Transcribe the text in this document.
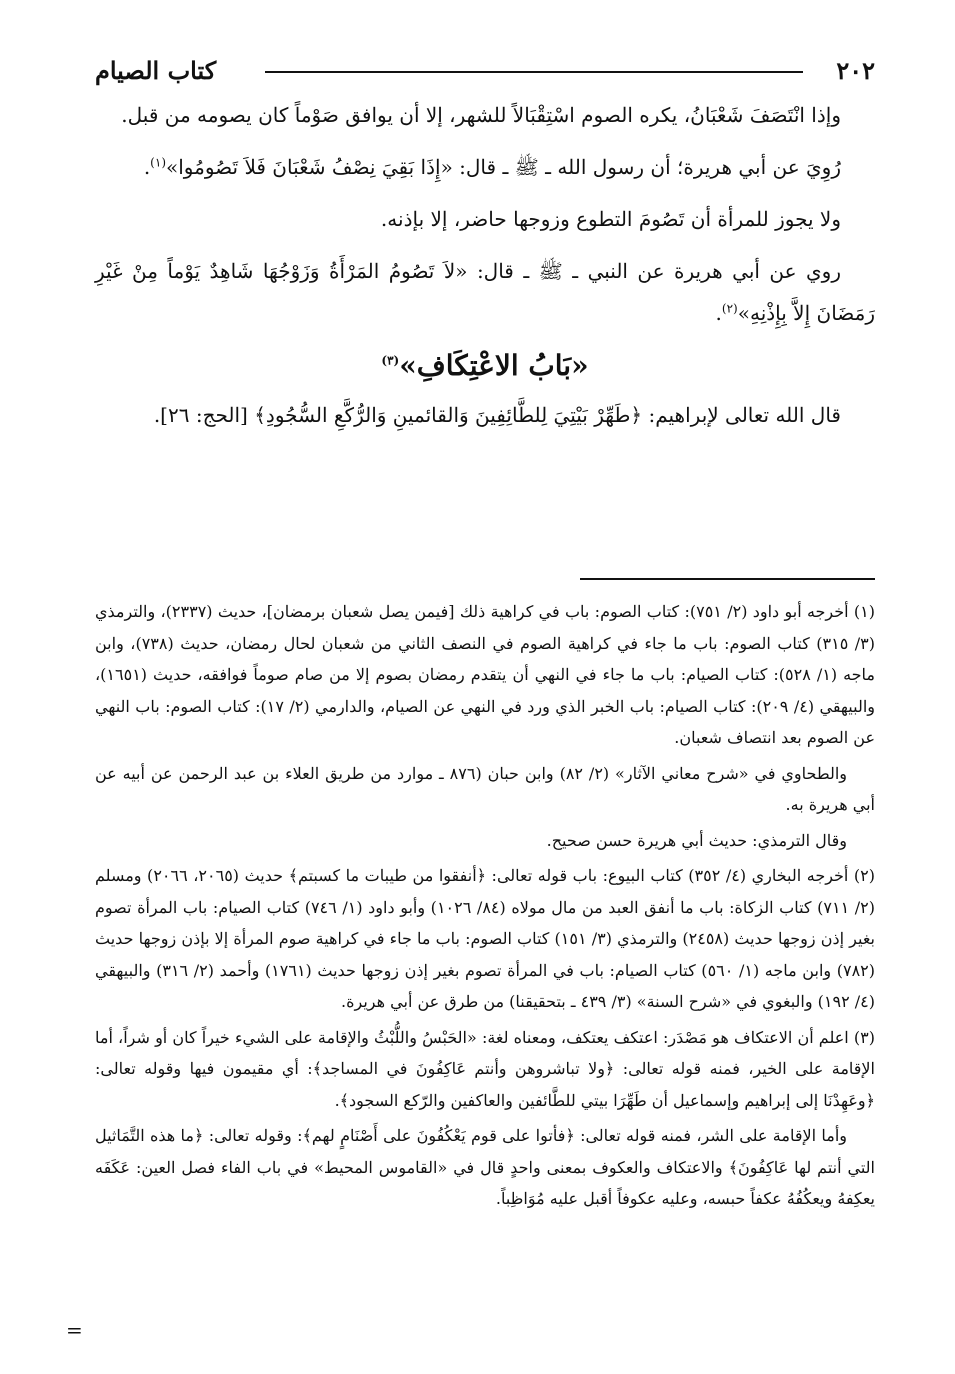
٢٠٢
كتاب الصيام

وإذا انْتَصَفَ شَعْبَانُ، يكره الصوم اسْتِقْبَالاً للشهر، إلا أن يوافق صَوْماً كان يصومه من قبل.

رُوِيَ عن أبي هريرة؛ أن رسول الله ـ ﷺ ـ قال: «إِذَا بَقِيَ نِصْفُ شَعْبَانَ فَلاَ تَصُومُوا»$^{(١)}$.

ولا يجوز للمرأة أن تَصُومَ التطوع وزوجها حاضر، إلا بإذنه.

روي عن أبي هريرة عن النبي ـ ﷺ ـ قال: «لاَ تَصُومُ المَرْأَةُ وَزَوْجُهَا شَاهِدٌ يَوْماً مِنْ غَيْرِ رَمَضَانَ إِلاَّ بِإِذْنِهِ»$^{(٢)}$.

«بَابُ الاعْتِكَافِ»$^{(٣)}$

قال الله تعالى لإبراهيم: ﴿طَهِّرْ بَيْتِيَ لِلطَّائِفِينَ وَالقائمينِ وَالرُّكَّعِ السُّجُودِ﴾ [الحج: ٢٦].

(١) أخرجه أبو داود (٢/ ٧٥١): كتاب الصوم: باب في كراهية ذلك [فيمن يصل شعبان برمضان]، حديث (٢٣٣٧)، والترمذي (٣/ ٣١٥) كتاب الصوم: باب ما جاء في كراهية الصوم في النصف الثاني من شعبان لحال رمضان، حديث (٧٣٨)، وابن ماجه (١/ ٥٢٨): كتاب الصيام: باب ما جاء في النهي أن يتقدم رمضان بصوم إلا من صام صوماً فوافقه، حديث (١٦٥١)، والبيهقي (٤/ ٢٠٩): كتاب الصيام: باب الخبر الذي ورد في النهي عن الصيام، والدارمي (٢/ ١٧): كتاب الصوم: باب النهي عن الصوم بعد انتصاف شعبان.
والطحاوي في «شرح معاني الآثار» (٢/ ٨٢) وابن حبان (٨٧٦ ـ موارد من طريق العلاء بن عبد الرحمن عن أبيه عن أبي هريرة به.
وقال الترمذي: حديث أبي هريرة حسن صحيح.
(٢) أخرجه البخاري (٤/ ٣٥٢) كتاب البيوع: باب قوله تعالى: ﴿أنفقوا من طيبات ما كسبتم﴾ حديث (٢٠٦٥، ٢٠٦٦) ومسلم (٢/ ٧١١) كتاب الزكاة: باب ما أنفق العبد من مال مولاه (٨٤/ ١٠٢٦) وأبو داود (١/ ٧٤٦) كتاب الصيام: باب المرأة تصوم بغير إذن زوجها حديث (٢٤٥٨) والترمذي (٣/ ١٥١) كتاب الصوم: باب ما جاء في كراهية صوم المرأة إلا بإذن زوجها حديث (٧٨٢) وابن ماجه (١/ ٥٦٠) كتاب الصيام: باب في المرأة تصوم بغير إذن زوجها حديث (١٧٦١) وأحمد (٢/ ٣١٦) والبيهقي (٤/ ١٩٢) والبغوي في «شرح السنة» (٣/ ٤٣٩ ـ بتحقيقنا) من طرق عن أبي هريرة.
(٣) اعلم أن الاعتكاف هو مَصْدَر: اعتكف يعتكف، ومعناه لغة: «الحَبْسُ واللُّبْثُ والإقامة على الشيء خيراً كان أو شراً، أما الإقامة على الخير، فمنه قوله تعالى: ﴿ولا تباشروهن وأنتم عَاكِفُونَ في المساجد﴾: أي مقيمون فيها وقوله تعالى: ﴿وعَهِدْنَا إلى إبراهيم وإسماعيل أن طَهِّرَا بيتي للطَّائفين والعاكفين والرّكع السجود﴾.
وأما الإقامة على الشر، فمنه قوله تعالى: ﴿فأتوا على قوم يَعْكُفُونَ على أَصْنَامٍ لهم﴾: وقوله تعالى: ﴿ما هذه التَّمَاثيل التي أنتم لها عَاكِفُونَ﴾ والاعتكاف والعكوف بمعنى واحدٍ قال في «القاموس المحيط» في باب الفاء فصل العين: عَكَفَه يعكِفهُ ويعكُفُهُ عكفاً حبسه، وعليه عكوفاً أقبل عليه مُوَاظِباً.
=
